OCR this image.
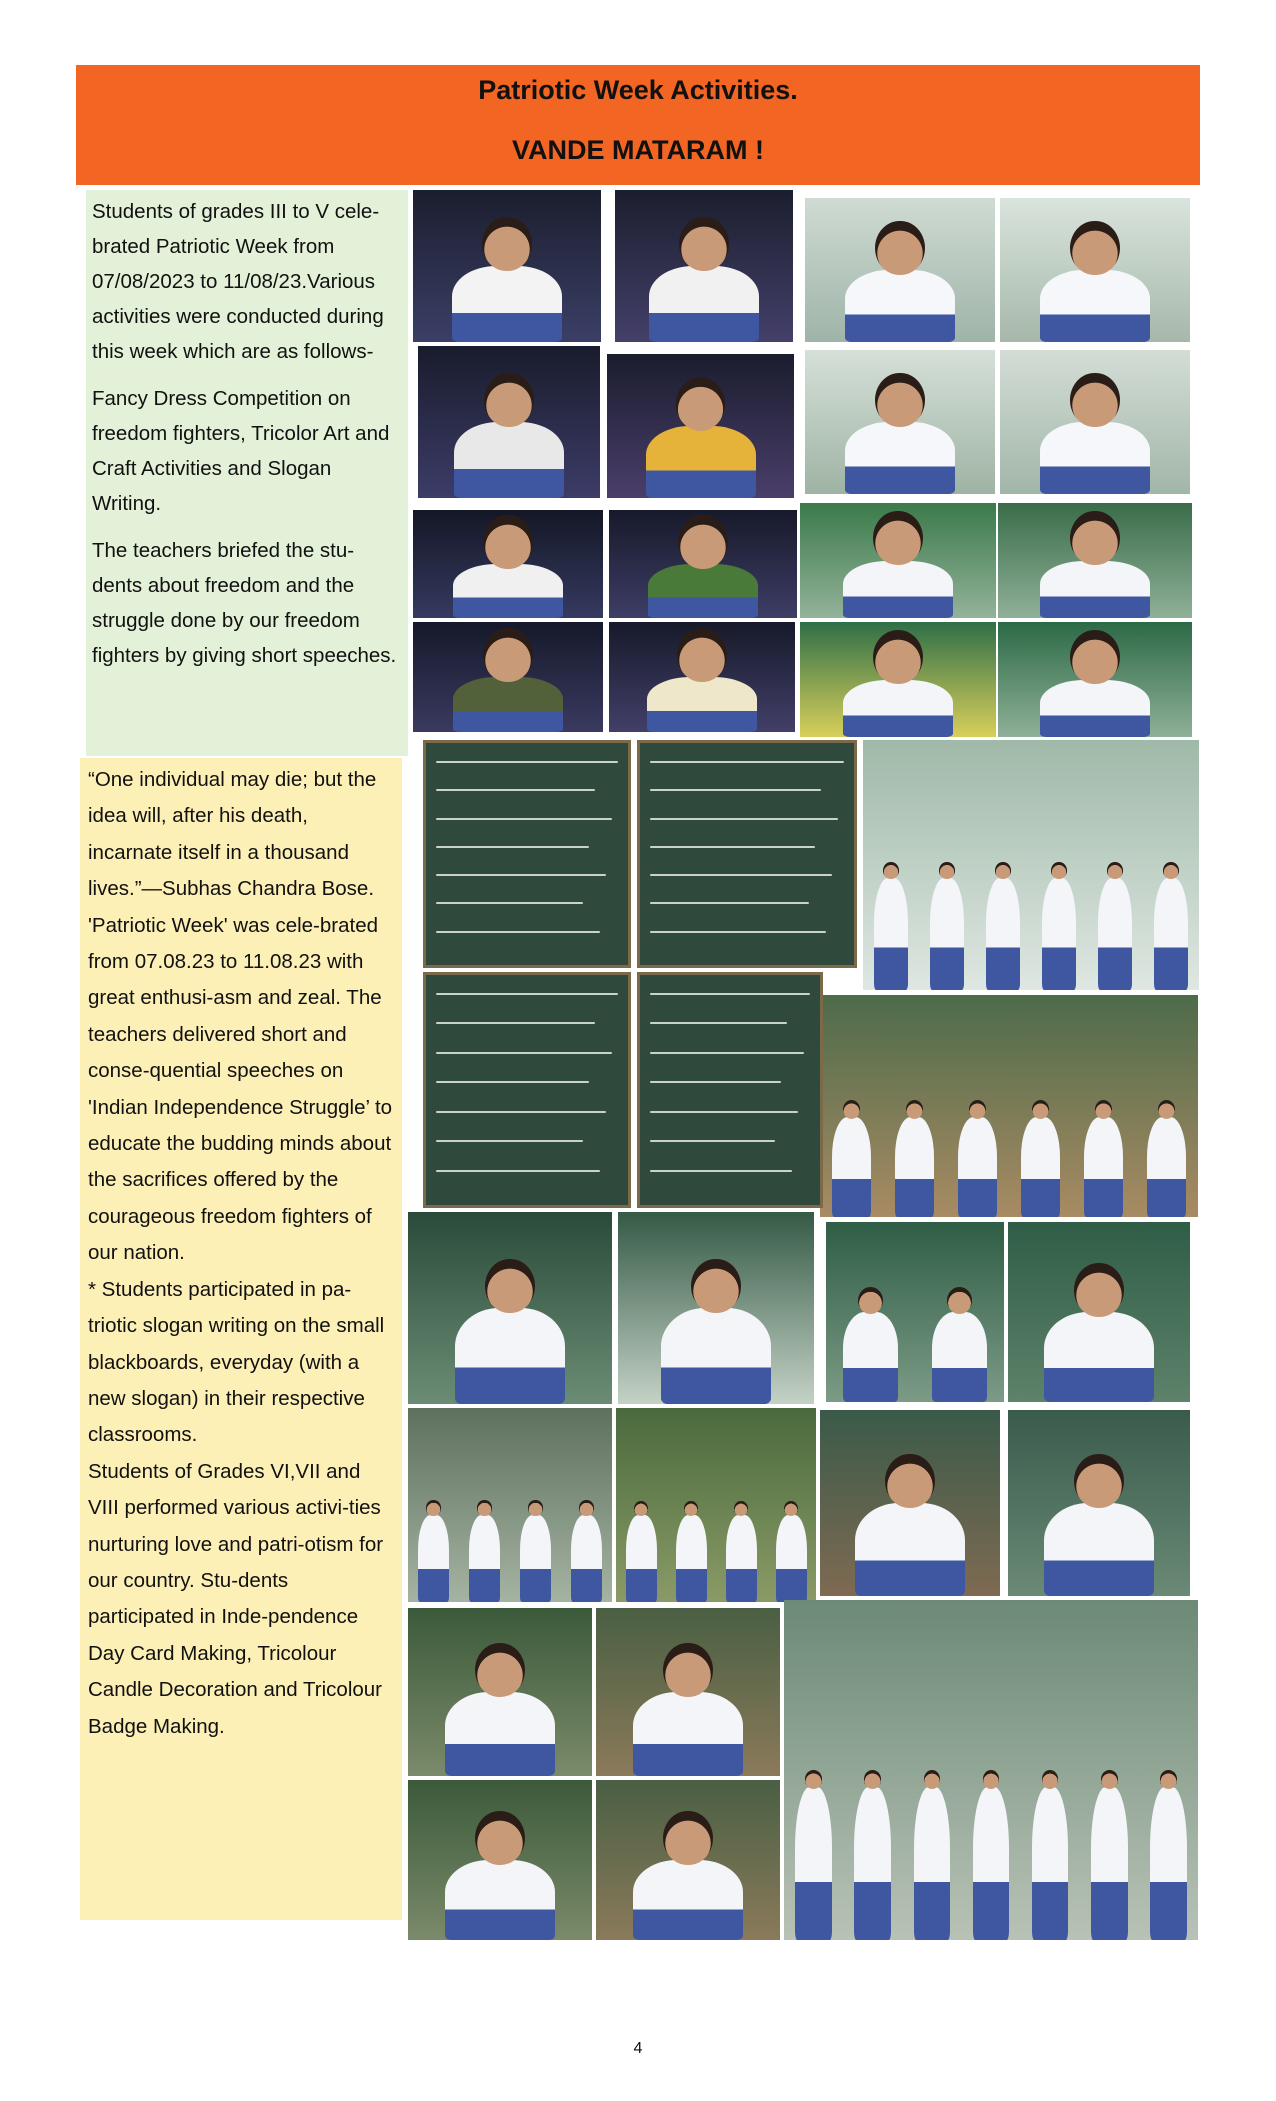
Patriotic Week Activities.
VANDE MATARAM !

Students of grades III to V cele-brated Patriotic Week from 07/08/2023 to 11/08/23.Various activities were conducted during this week which are as follows-

Fancy Dress Competition on freedom fighters, Tricolor Art and Craft Activities and Slogan Writing.

The teachers briefed the stu-dents about freedom and the struggle done by our freedom fighters by giving short speeches.

“One individual may die; but the idea will, after his death, incarnate itself in a thousand lives.”—Subhas Chandra Bose.

'Patriotic Week' was cele-brated from 07.08.23 to 11.08.23 with great enthusi-asm and zeal. The teachers delivered short and conse-quential speeches on 'Indian Independence Struggle’ to educate the budding minds about the sacrifices offered by the courageous freedom fighters of our nation.

* Students participated in pa-triotic slogan writing on the small blackboards, everyday (with a new slogan) in their respective classrooms.

Students of Grades VI,VII and VIII performed various activi-ties nurturing love and patri-otism for our country. Stu-dents participated in Inde-pendence Day Card Making, Tricolour Candle Decoration and Tricolour Badge Making.

4
